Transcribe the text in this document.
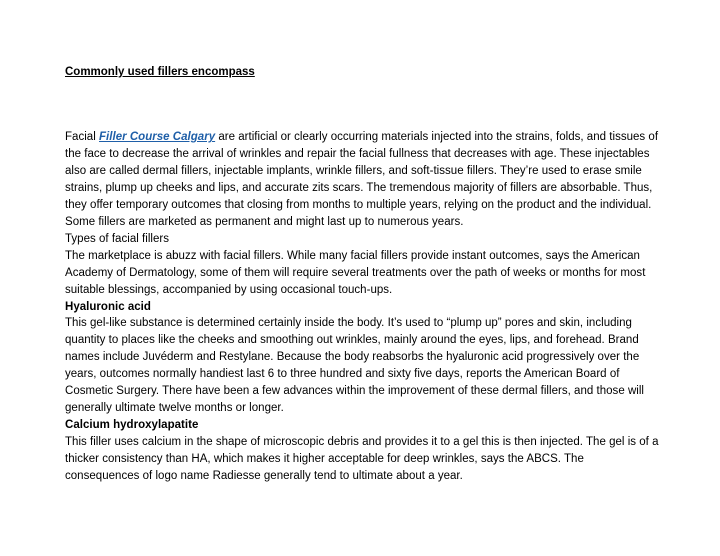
Commonly used fillers encompass

Facial Filler Course Calgary are artificial or clearly occurring materials injected into the strains, folds, and tissues of the face to decrease the arrival of wrinkles and repair the facial fullness that decreases with age. These injectables also are called dermal fillers, injectable implants, wrinkle fillers, and soft-tissue fillers. They’re used to erase smile strains, plump up cheeks and lips, and accurate zits scars. The tremendous majority of fillers are absorbable. Thus, they offer temporary outcomes that closing from months to multiple years, relying on the product and the individual. Some fillers are marketed as permanent and might last up to numerous years.

Types of facial fillers

The marketplace is abuzz with facial fillers. While many facial fillers provide instant outcomes, says the American Academy of Dermatology, some of them will require several treatments over the path of weeks or months for most suitable blessings, accompanied by using occasional touch-ups.

Hyaluronic acid

This gel-like substance is determined certainly inside the body. It’s used to “plump up” pores and skin, including quantity to places like the cheeks and smoothing out wrinkles, mainly around the eyes, lips, and forehead. Brand names include Juvéderm and Restylane. Because the body reabsorbs the hyaluronic acid progressively over the years, outcomes normally handiest last 6 to three hundred and sixty five days, reports the American Board of Cosmetic Surgery. There have been a few advances within the improvement of these dermal fillers, and those will generally ultimate twelve months or longer.

Calcium hydroxylapatite

This filler uses calcium in the shape of microscopic debris and provides it to a gel this is then injected. The gel is of a thicker consistency than HA, which makes it higher acceptable for deep wrinkles, says the ABCS. The consequences of logo name Radiesse generally tend to ultimate about a year.
